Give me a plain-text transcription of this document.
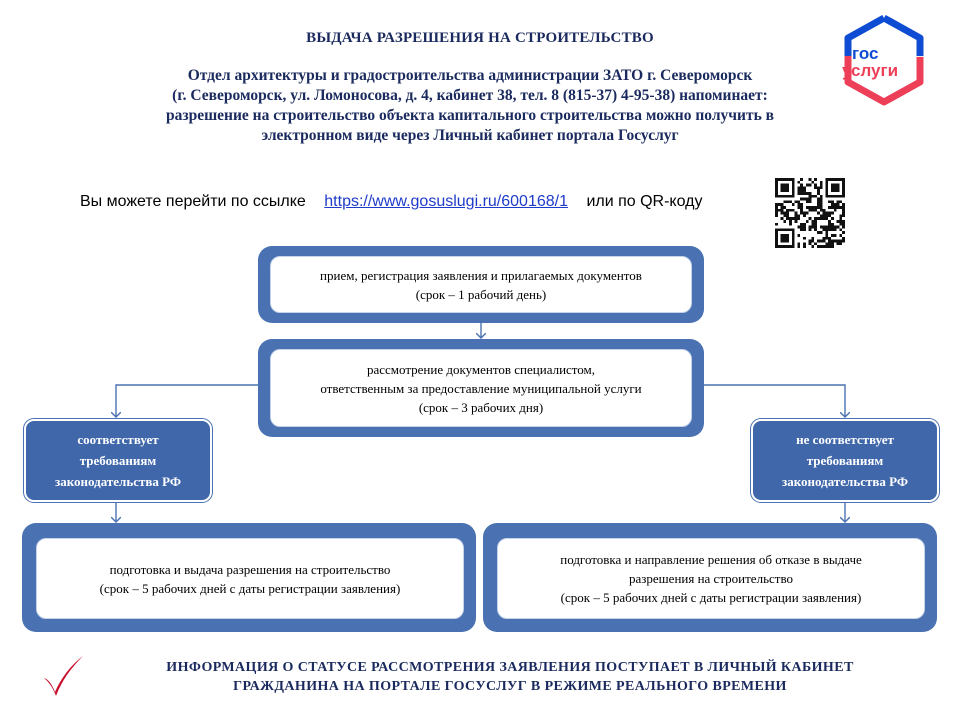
ВЫДАЧА РАЗРЕШЕНИЯ НА СТРОИТЕЛЬСТВО
Отдел архитектуры и градостроительства администрации ЗАТО г. Североморск
(г. Североморск, ул. Ломоносова, д. 4, кабинет 38, тел. 8 (815-37) 4-95-38) напоминает:
разрешение на строительство объекта капитального строительства можно получить в
электронном виде через Личный кабинет портала Госуслуг
гос
услуги
Вы можете перейти по ссылке https://www.gosuslugi.ru/600168/1 или по QR-коду
прием, регистрация заявления и прилагаемых документов
(срок – 1 рабочий день)
рассмотрение документов специалистом,
ответственным за предоставление муниципальной услуги
(срок – 3 рабочих дня)
соответствует
требованиям
законодательства РФ
не соответствует
требованиям
законодательства РФ
подготовка и выдача разрешения на строительство
(срок – 5 рабочих дней с даты регистрации заявления)
подготовка и направление решения об отказе в выдаче
разрешения на строительство
(срок – 5 рабочих дней с даты регистрации заявления)
ИНФОРМАЦИЯ О СТАТУСЕ РАССМОТРЕНИЯ ЗАЯВЛЕНИЯ ПОСТУПАЕТ В ЛИЧНЫЙ КАБИНЕТ
ГРАЖДАНИНА НА ПОРТАЛЕ ГОСУСЛУГ В РЕЖИМЕ РЕАЛЬНОГО ВРЕМЕНИ
